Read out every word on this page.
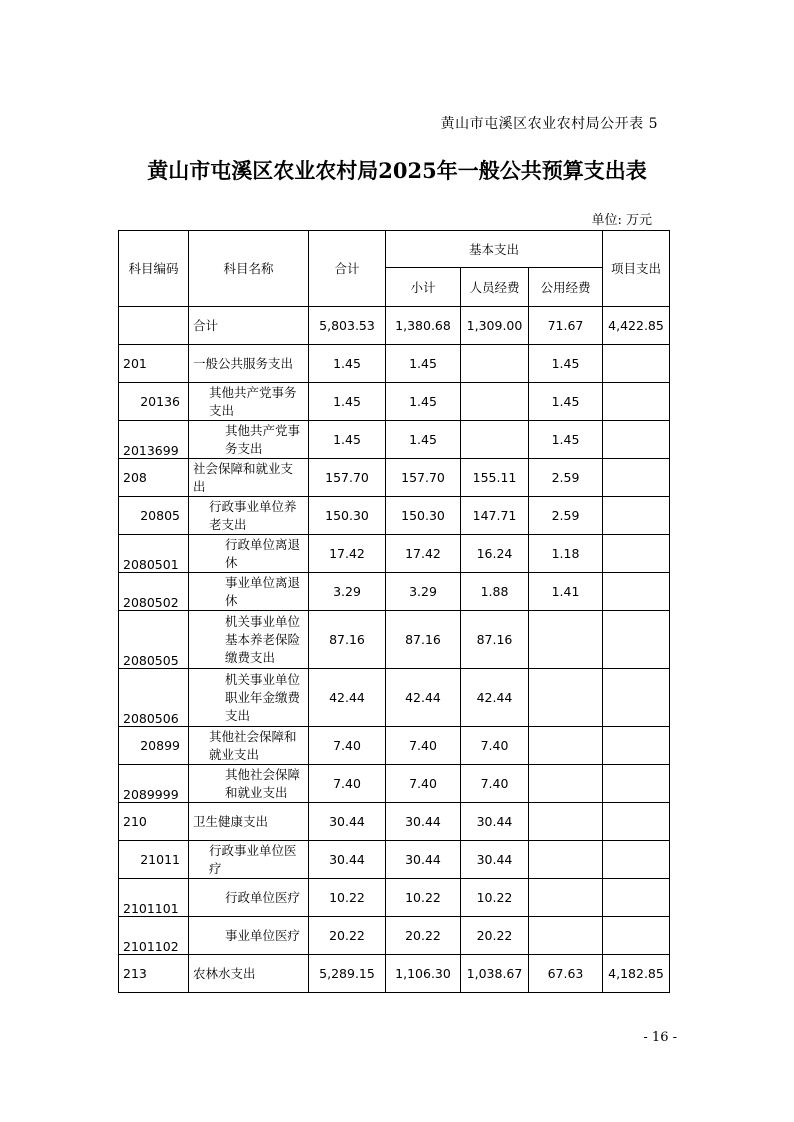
黄山市屯溪区农业农村局公开表 5
黄山市屯溪区农业农村局2025年一般公共预算支出表
单位: 万元
科目编码	科目名称	合计	基本支出			项目支出
			小计	人员经费	公用经费	
	合计	5,803.53	1,380.68	1,309.00	71.67	4,422.85
201	一般公共服务支出	1.45	1.45		1.45	
20136	其他共产党事务支出	1.45	1.45		1.45	
2013699	其他共产党事务支出	1.45	1.45		1.45	
208	社会保障和就业支出	157.70	157.70	155.11	2.59	
20805	行政事业单位养老支出	150.30	150.30	147.71	2.59	
2080501	行政单位离退休	17.42	17.42	16.24	1.18	
2080502	事业单位离退休	3.29	3.29	1.88	1.41	
2080505	机关事业单位基本养老保险缴费支出	87.16	87.16	87.16		
2080506	机关事业单位职业年金缴费支出	42.44	42.44	42.44		
20899	其他社会保障和就业支出	7.40	7.40	7.40		
2089999	其他社会保障和就业支出	7.40	7.40	7.40		
210	卫生健康支出	30.44	30.44	30.44		
21011	行政事业单位医疗	30.44	30.44	30.44		
2101101	行政单位医疗	10.22	10.22	10.22		
2101102	事业单位医疗	20.22	20.22	20.22		
213	农林水支出	5,289.15	1,106.30	1,038.67	67.63	4,182.85
- 16 -
